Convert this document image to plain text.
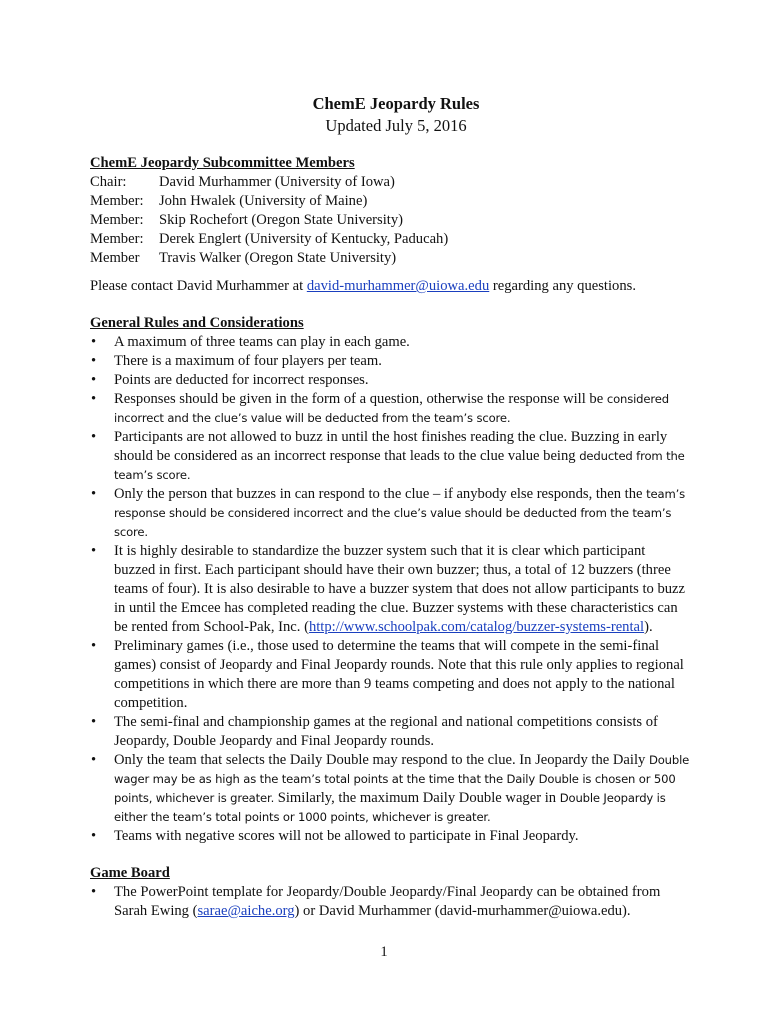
ChemE Jeopardy Rules

Updated July 5, 2016

ChemE Jeopardy Subcommittee Members

Chair:	David Murhammer (University of Iowa)
Member:	John Hwalek (University of Maine)
Member:	Skip Rochefort (Oregon State University)
Member:	Derek Englert (University of Kentucky, Paducah)
Member	Travis Walker (Oregon State University)

Please contact David Murhammer at david-murhammer@uiowa.edu regarding any questions.

General Rules and Considerations

• A maximum of three teams can play in each game.
• There is a maximum of four players per team.
• Points are deducted for incorrect responses.
• Responses should be given in the form of a question, otherwise the response will be considered incorrect and the clue’s value will be deducted from the team’s score.
• Participants are not allowed to buzz in until the host finishes reading the clue. Buzzing in early should be considered as an incorrect response that leads to the clue value being deducted from the team’s score.
• Only the person that buzzes in can respond to the clue – if anybody else responds, then the team’s response should be considered incorrect and the clue’s value should be deducted from the team’s score.
• It is highly desirable to standardize the buzzer system such that it is clear which participant buzzed in first. Each participant should have their own buzzer; thus, a total of 12 buzzers (three teams of four). It is also desirable to have a buzzer system that does not allow participants to buzz in until the Emcee has completed reading the clue. Buzzer systems with these characteristics can be rented from School-Pak, Inc. (http://www.schoolpak.com/catalog/buzzer-systems-rental).
• Preliminary games (i.e., those used to determine the teams that will compete in the semi-final games) consist of Jeopardy and Final Jeopardy rounds. Note that this rule only applies to regional competitions in which there are more than 9 teams competing and does not apply to the national competition.
• The semi-final and championship games at the regional and national competitions consists of Jeopardy, Double Jeopardy and Final Jeopardy rounds.
• Only the team that selects the Daily Double may respond to the clue. In Jeopardy the Daily Double wager may be as high as the team’s total points at the time that the Daily Double is chosen or 500 points, whichever is greater. Similarly, the maximum Daily Double wager in Double Jeopardy is either the team’s total points or 1000 points, whichever is greater.
• Teams with negative scores will not be allowed to participate in Final Jeopardy.

Game Board

• The PowerPoint template for Jeopardy/Double Jeopardy/Final Jeopardy can be obtained from Sarah Ewing (sarae@aiche.org) or David Murhammer (david-murhammer@uiowa.edu).
1
